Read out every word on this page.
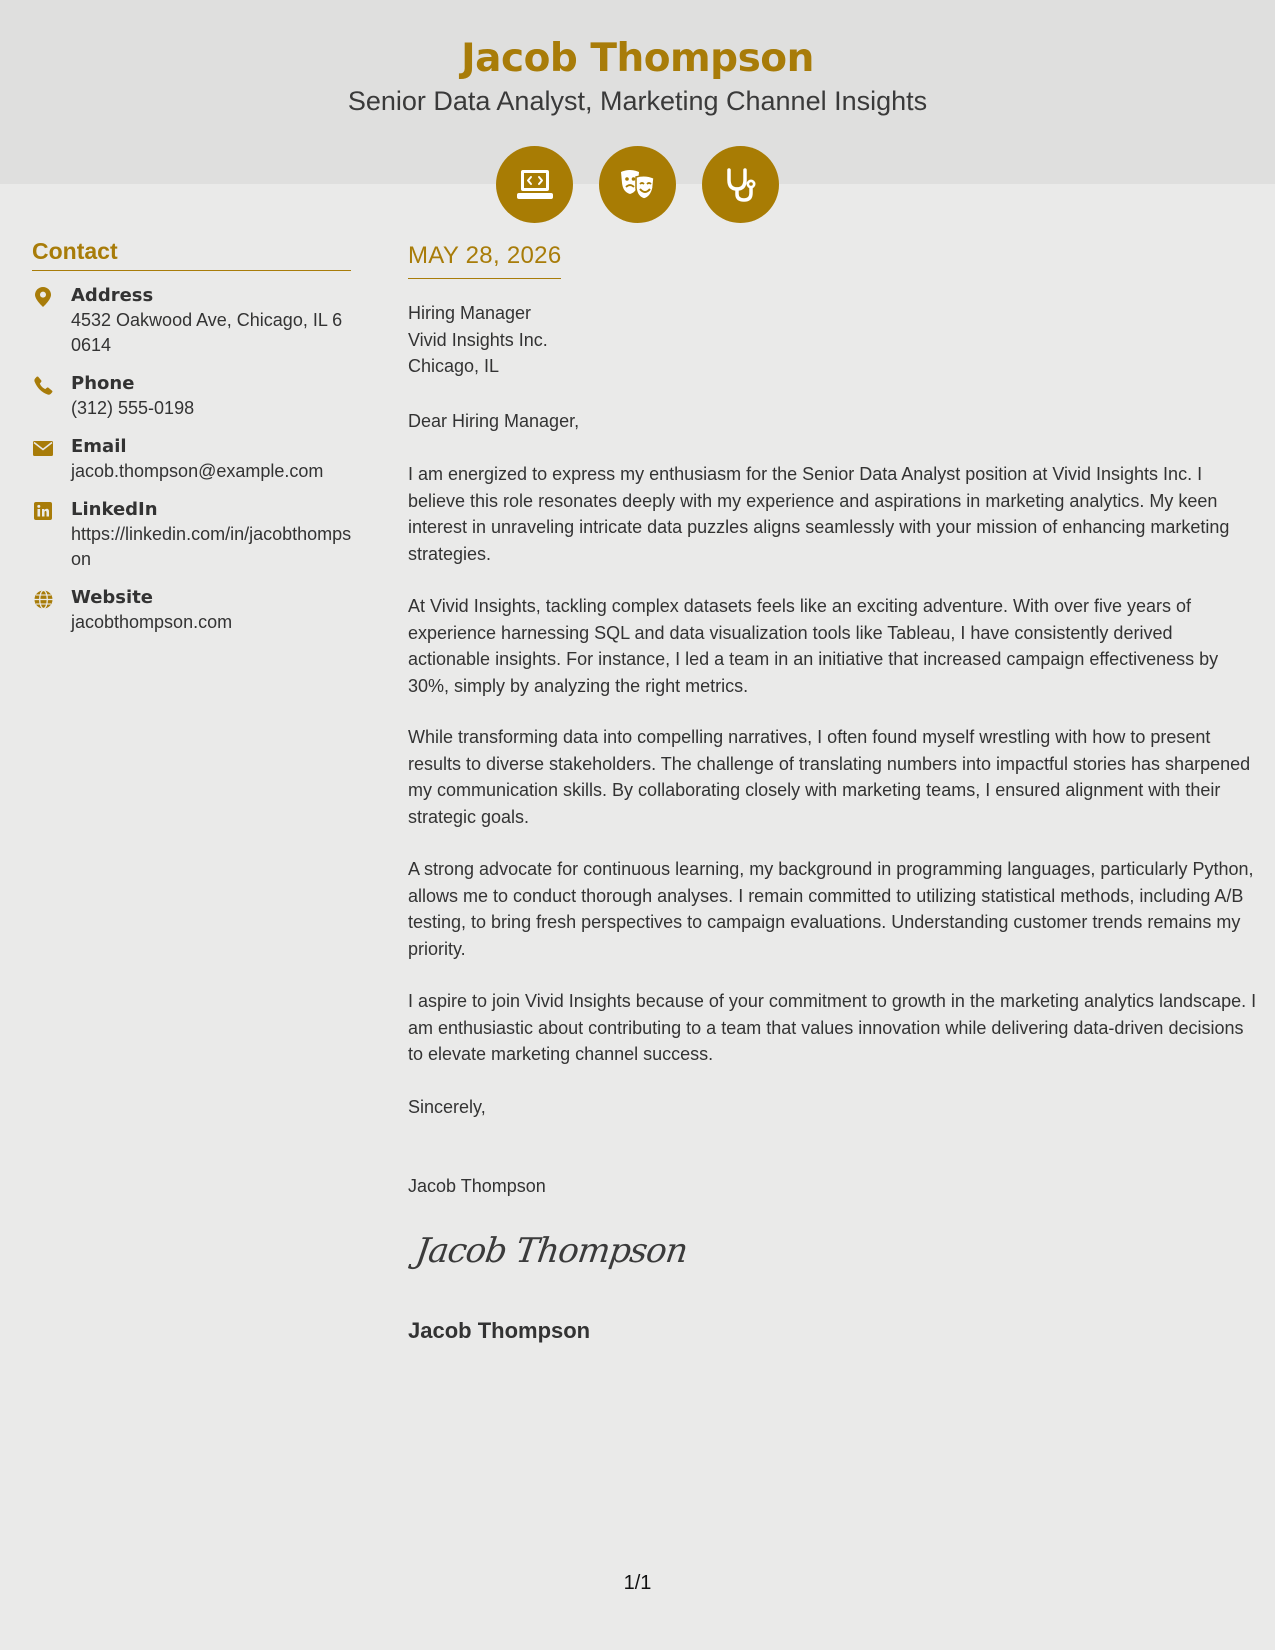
Jacob Thompson
Senior Data Analyst, Marketing Channel Insights
Contact
Address
4532 Oakwood Ave, Chicago, IL 60614
Phone
(312) 555-0198
Email
jacob.thompson@example.com
LinkedIn
https://linkedin.com/in/jacobthompson
Website
jacobthompson.com
MAY 28, 2026
Hiring Manager
Vivid Insights Inc.
Chicago, IL

Dear Hiring Manager,

I am energized to express my enthusiasm for the Senior Data Analyst position at Vivid Insights Inc. I believe this role resonates deeply with my experience and aspirations in marketing analytics. My keen interest in unraveling intricate data puzzles aligns seamlessly with your mission of enhancing marketing strategies.

At Vivid Insights, tackling complex datasets feels like an exciting adventure. With over five years of experience harnessing SQL and data visualization tools like Tableau, I have consistently derived actionable insights. For instance, I led a team in an initiative that increased campaign effectiveness by 30%, simply by analyzing the right metrics.

While transforming data into compelling narratives, I often found myself wrestling with how to present results to diverse stakeholders. The challenge of translating numbers into impactful stories has sharpened my communication skills. By collaborating closely with marketing teams, I ensured alignment with their strategic goals.

A strong advocate for continuous learning, my background in programming languages, particularly Python, allows me to conduct thorough analyses. I remain committed to utilizing statistical methods, including A/B testing, to bring fresh perspectives to campaign evaluations. Understanding customer trends remains my priority.

I aspire to join Vivid Insights because of your commitment to growth in the marketing analytics landscape. I am enthusiastic about contributing to a team that values innovation while delivering data-driven decisions to elevate marketing channel success.

Sincerely,

Jacob Thompson

Jacob Thompson
Jacob Thompson
1/1
